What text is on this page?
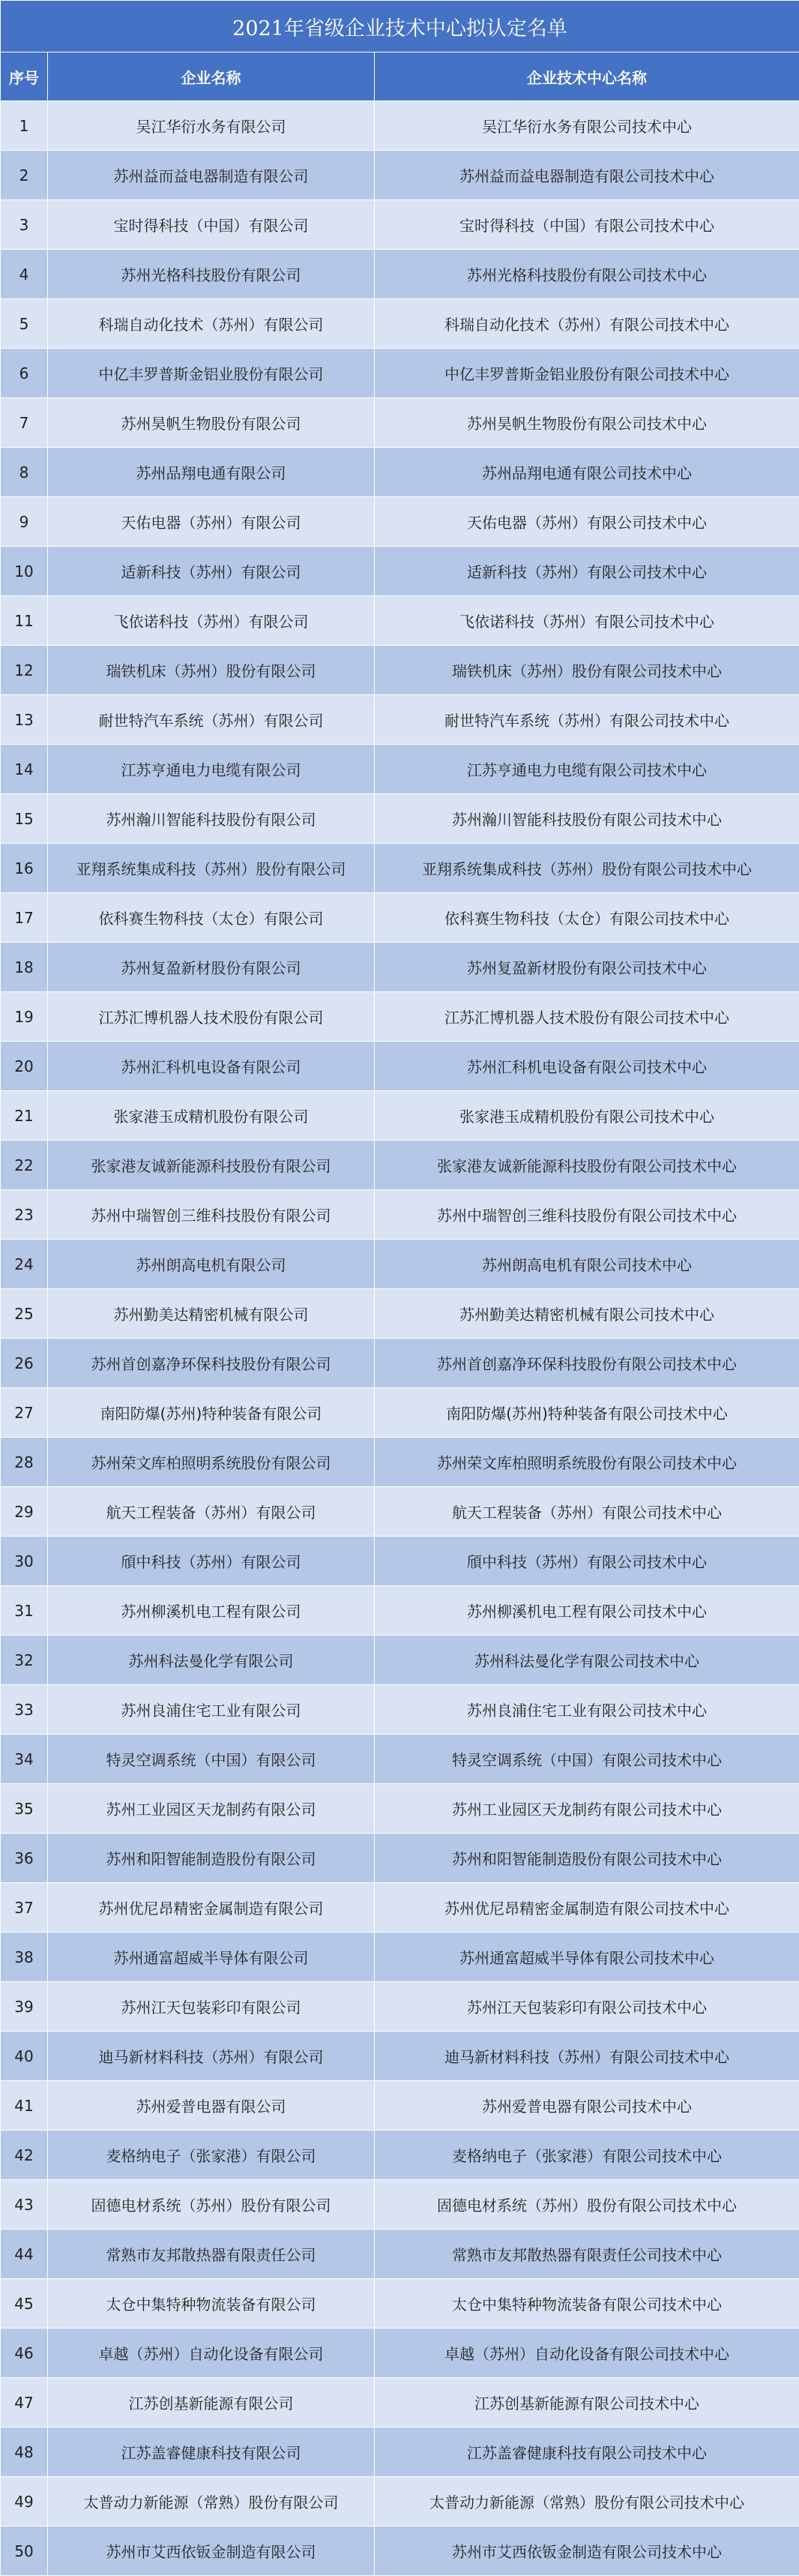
2021年省级企业技术中心拟认定名单		
序号	企业名称	企业技术中心名称
1	吴江华衍水务有限公司	吴江华衍水务有限公司技术中心
2	苏州益而益电器制造有限公司	苏州益而益电器制造有限公司技术中心
3	宝时得科技（中国）有限公司	宝时得科技（中国）有限公司技术中心
4	苏州光格科技股份有限公司	苏州光格科技股份有限公司技术中心
5	科瑞自动化技术（苏州）有限公司	科瑞自动化技术（苏州）有限公司技术中心
6	中亿丰罗普斯金铝业股份有限公司	中亿丰罗普斯金铝业股份有限公司技术中心
7	苏州昊帆生物股份有限公司	苏州昊帆生物股份有限公司技术中心
8	苏州品翔电通有限公司	苏州品翔电通有限公司技术中心
9	天佑电器（苏州）有限公司	天佑电器（苏州）有限公司技术中心
10	适新科技（苏州）有限公司	适新科技（苏州）有限公司技术中心
11	飞依诺科技（苏州）有限公司	飞依诺科技（苏州）有限公司技术中心
12	瑞铁机床（苏州）股份有限公司	瑞铁机床（苏州）股份有限公司技术中心
13	耐世特汽车系统（苏州）有限公司	耐世特汽车系统（苏州）有限公司技术中心
14	江苏亨通电力电缆有限公司	江苏亨通电力电缆有限公司技术中心
15	苏州瀚川智能科技股份有限公司	苏州瀚川智能科技股份有限公司技术中心
16	亚翔系统集成科技（苏州）股份有限公司	亚翔系统集成科技（苏州）股份有限公司技术中心
17	依科赛生物科技（太仓）有限公司	依科赛生物科技（太仓）有限公司技术中心
18	苏州复盈新材股份有限公司	苏州复盈新材股份有限公司技术中心
19	江苏汇博机器人技术股份有限公司	江苏汇博机器人技术股份有限公司技术中心
20	苏州汇科机电设备有限公司	苏州汇科机电设备有限公司技术中心
21	张家港玉成精机股份有限公司	张家港玉成精机股份有限公司技术中心
22	张家港友诚新能源科技股份有限公司	张家港友诚新能源科技股份有限公司技术中心
23	苏州中瑞智创三维科技股份有限公司	苏州中瑞智创三维科技股份有限公司技术中心
24	苏州朗高电机有限公司	苏州朗高电机有限公司技术中心
25	苏州勤美达精密机械有限公司	苏州勤美达精密机械有限公司技术中心
26	苏州首创嘉净环保科技股份有限公司	苏州首创嘉净环保科技股份有限公司技术中心
27	南阳防爆(苏州)特种装备有限公司	南阳防爆(苏州)特种装备有限公司技术中心
28	苏州荣文库柏照明系统股份有限公司	苏州荣文库柏照明系统股份有限公司技术中心
29	航天工程装备（苏州）有限公司	航天工程装备（苏州）有限公司技术中心
30	頎中科技（苏州）有限公司	頎中科技（苏州）有限公司技术中心
31	苏州柳溪机电工程有限公司	苏州柳溪机电工程有限公司技术中心
32	苏州科法曼化学有限公司	苏州科法曼化学有限公司技术中心
33	苏州良浦住宅工业有限公司	苏州良浦住宅工业有限公司技术中心
34	特灵空调系统（中国）有限公司	特灵空调系统（中国）有限公司技术中心
35	苏州工业园区天龙制药有限公司	苏州工业园区天龙制药有限公司技术中心
36	苏州和阳智能制造股份有限公司	苏州和阳智能制造股份有限公司技术中心
37	苏州优尼昂精密金属制造有限公司	苏州优尼昂精密金属制造有限公司技术中心
38	苏州通富超威半导体有限公司	苏州通富超威半导体有限公司技术中心
39	苏州江天包装彩印有限公司	苏州江天包装彩印有限公司技术中心
40	迪马新材料科技（苏州）有限公司	迪马新材料科技（苏州）有限公司技术中心
41	苏州爱普电器有限公司	苏州爱普电器有限公司技术中心
42	麦格纳电子（张家港）有限公司	麦格纳电子（张家港）有限公司技术中心
43	固德电材系统（苏州）股份有限公司	固德电材系统（苏州）股份有限公司技术中心
44	常熟市友邦散热器有限责任公司	常熟市友邦散热器有限责任公司技术中心
45	太仓中集特种物流装备有限公司	太仓中集特种物流装备有限公司技术中心
46	卓越（苏州）自动化设备有限公司	卓越（苏州）自动化设备有限公司技术中心
47	江苏创基新能源有限公司	江苏创基新能源有限公司技术中心
48	江苏盖睿健康科技有限公司	江苏盖睿健康科技有限公司技术中心
49	太普动力新能源（常熟）股份有限公司	太普动力新能源（常熟）股份有限公司技术中心
50	苏州市艾西依钣金制造有限公司	苏州市艾西依钣金制造有限公司技术中心
